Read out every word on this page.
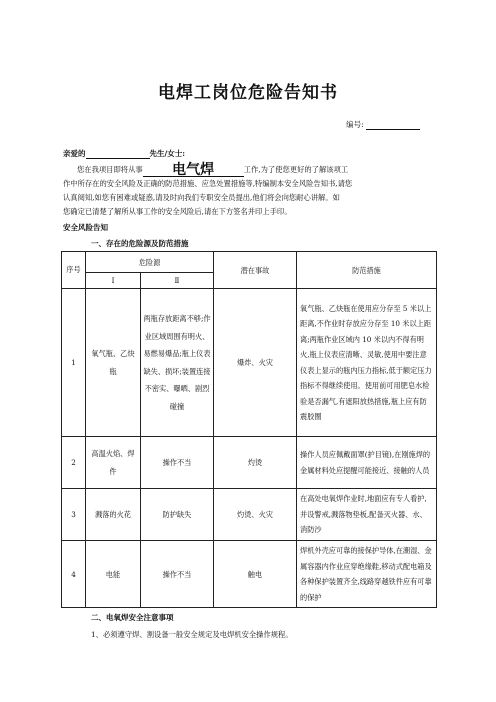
电焊工岗位危险告知书
编号:
亲爱的	先生/女士:

您在我项目即将从事 电气焊	工作,为了使您更好的了解该项工

作中所存在的安全风险及正确的防范措施、应急处置措施等,特编制本安全风险告知书,请您

认真阅知,如您有困难或疑惑,请及时向我们专职安全员提出,他们将会向您耐心讲解。如

您确定已清楚了解所从事工作的安全风险后,请在下方签名并印上手印。

安全风险告知
一、存在的危险源及防范措施
序号	危险源		潜在事故	防范措施
	Ⅰ	Ⅱ		
1	氧气瓶、乙炔瓶	两瓶存放距离不够;作业区域周围有明火、易燃易爆品;瓶上仪表缺失、损坏;装置连接不密实、曝晒、剧烈碰撞	爆炸、火灾	氧气瓶、乙炔瓶在使用应分存至 5 米以上距离,不作业时存放应分存至 10 米以上距离;两瓶作业区域内 10 米以内不得有明火,瓶上仪表应清晰、灵敏,使用中要注意仪表上显示的瓶内压力指标,低于额定压力指标不得继续使用。使用前可用肥皂水检验是否漏气,有遮阳放热措施,瓶上应有防震胶圈
2	高温火焰、焊件	操作不当	灼烫	操作人员应佩戴面罩(护目镜),在刚施焊的金属材料处应提醒可能接近、接触的人员
3	溅落的火花	防护缺失	灼烫、火灾	在高处电氧焊作业时,地面应有专人看护,并设警戒,溅落物垫板,配备灭火器、水、消防沙
4	电能	操作不当	触电	焊机外壳应可靠的接保护导体,在潮湿、金属容器内作业应穿绝缘鞋,移动式配电箱及各种保护装置齐全,线路穿越铁件应有可靠的保护
二、电氧焊安全注意事项
1、必须遵守焊、割设备一般安全规定及电焊机安全操作规程。
